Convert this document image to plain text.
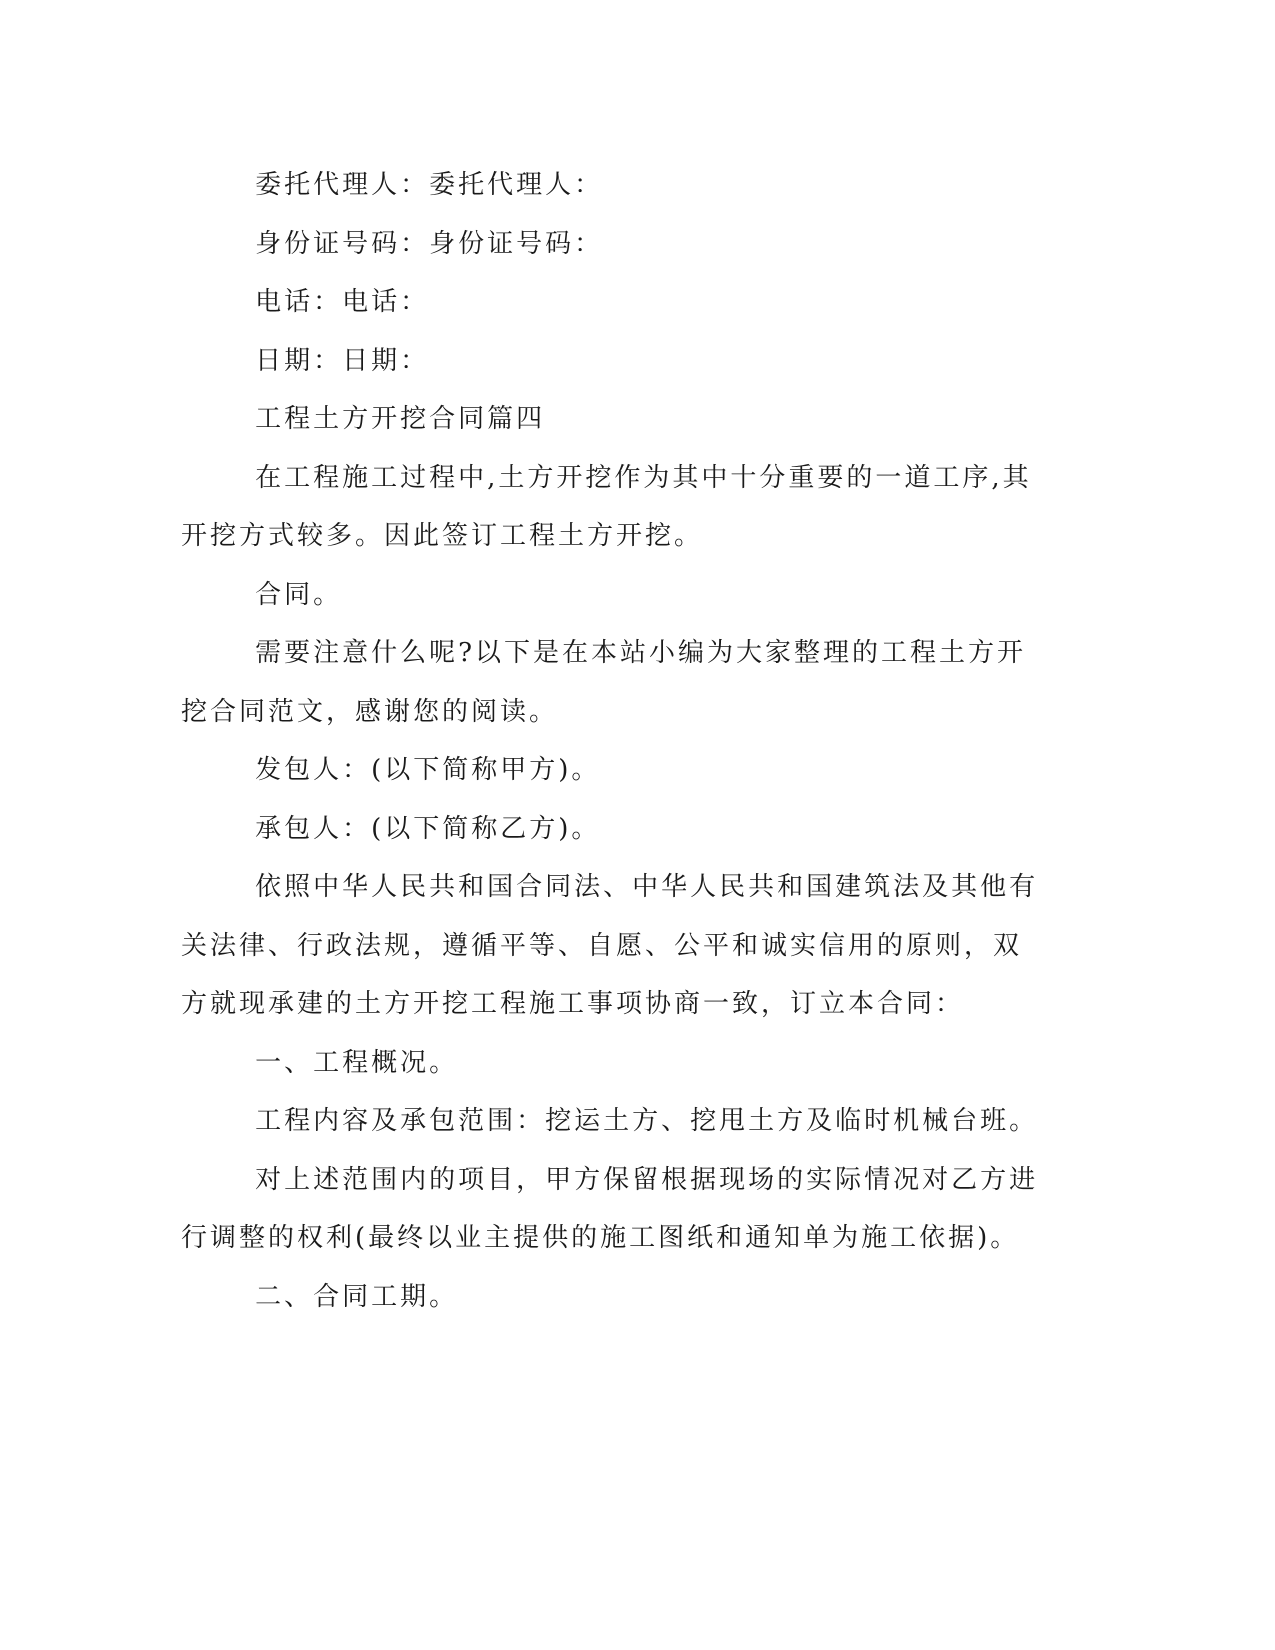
委托代理人：委托代理人：

身份证号码：身份证号码：

电话：电话：

日期：日期：

工程土方开挖合同篇四

在工程施工过程中,土方开挖作为其中十分重要的一道工序,其开挖方式较多。因此签订工程土方开挖。

合同。

需要注意什么呢?以下是在本站小编为大家整理的工程土方开挖合同范文，感谢您的阅读。

发包人：(以下简称甲方)。

承包人：(以下简称乙方)。

依照中华人民共和国合同法、中华人民共和国建筑法及其他有关法律、行政法规，遵循平等、自愿、公平和诚实信用的原则，双方就现承建的土方开挖工程施工事项协商一致，订立本合同：

一、工程概况。

工程内容及承包范围：挖运土方、挖甩土方及临时机械台班。

对上述范围内的项目，甲方保留根据现场的实际情况对乙方进行调整的权利(最终以业主提供的施工图纸和通知单为施工依据)。

二、合同工期。
